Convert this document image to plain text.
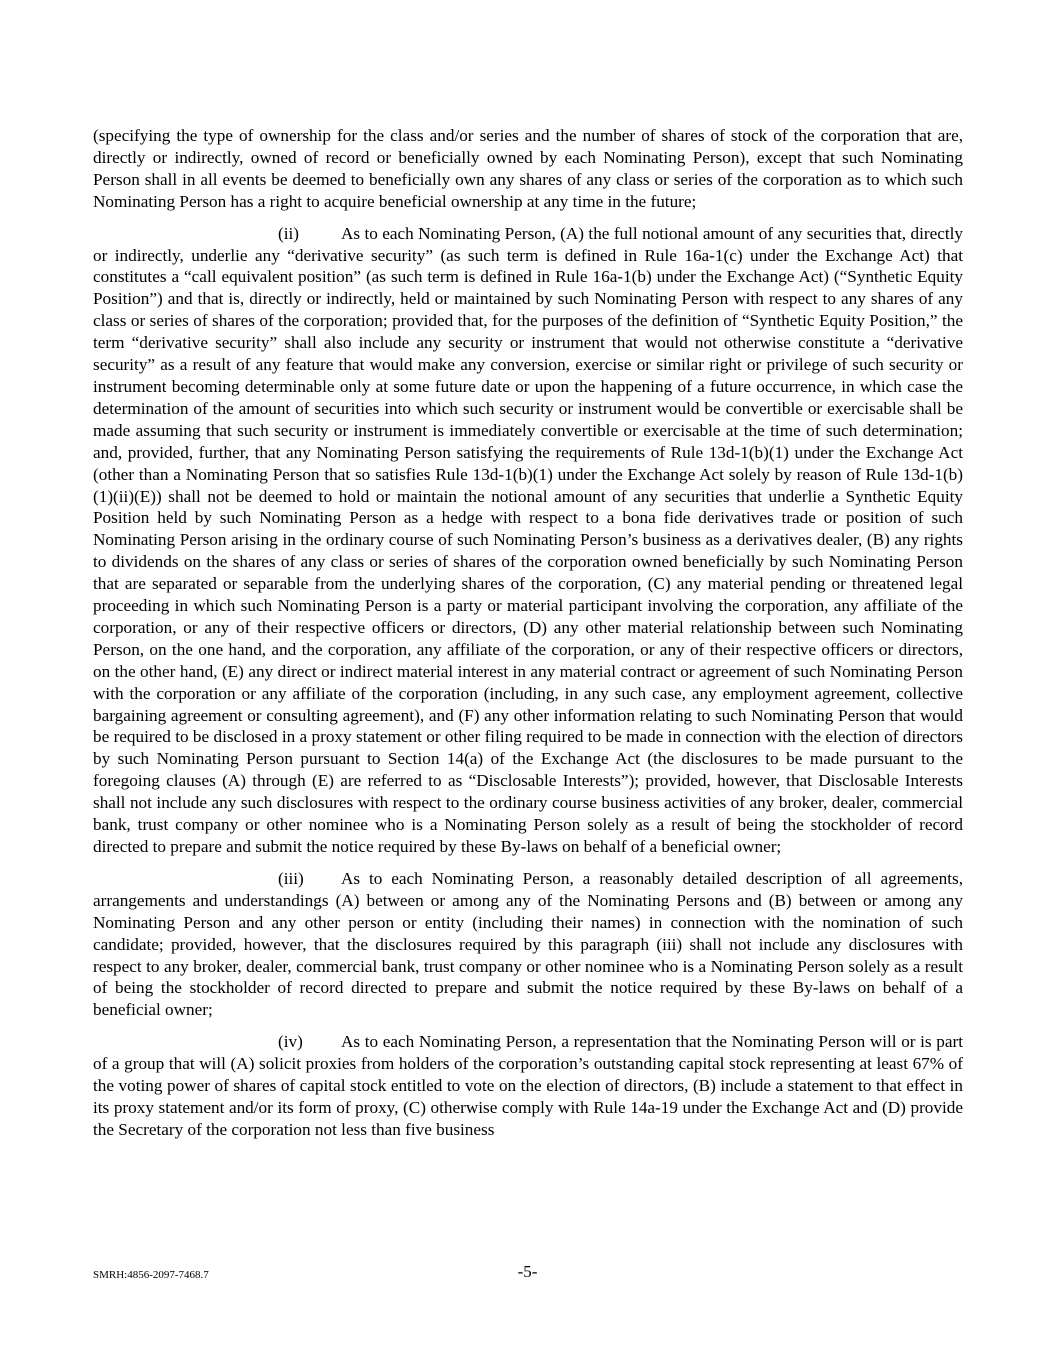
(specifying the type of ownership for the class and/or series and the number of shares of stock of the corporation that are, directly or indirectly, owned of record or beneficially owned by each Nominating Person), except that such Nominating Person shall in all events be deemed to beneficially own any shares of any class or series of the corporation as to which such Nominating Person has a right to acquire beneficial ownership at any time in the future;

(ii) As to each Nominating Person, (A) the full notional amount of any securities that, directly or indirectly, underlie any “derivative security” (as such term is defined in Rule 16a-1(c) under the Exchange Act) that constitutes a “call equivalent position” (as such term is defined in Rule 16a-1(b) under the Exchange Act) (“Synthetic Equity Position”) and that is, directly or indirectly, held or maintained by such Nominating Person with respect to any shares of any class or series of shares of the corporation; provided that, for the purposes of the definition of “Synthetic Equity Position,” the term “derivative security” shall also include any security or instrument that would not otherwise constitute a “derivative security” as a result of any feature that would make any conversion, exercise or similar right or privilege of such security or instrument becoming determinable only at some future date or upon the happening of a future occurrence, in which case the determination of the amount of securities into which such security or instrument would be convertible or exercisable shall be made assuming that such security or instrument is immediately convertible or exercisable at the time of such determination; and, provided, further, that any Nominating Person satisfying the requirements of Rule 13d-1(b)(1) under the Exchange Act (other than a Nominating Person that so satisfies Rule 13d-1(b)(1) under the Exchange Act solely by reason of Rule 13d-1(b)(1)(ii)(E)) shall not be deemed to hold or maintain the notional amount of any securities that underlie a Synthetic Equity Position held by such Nominating Person as a hedge with respect to a bona fide derivatives trade or position of such Nominating Person arising in the ordinary course of such Nominating Person’s business as a derivatives dealer, (B) any rights to dividends on the shares of any class or series of shares of the corporation owned beneficially by such Nominating Person that are separated or separable from the underlying shares of the corporation, (C) any material pending or threatened legal proceeding in which such Nominating Person is a party or material participant involving the corporation, any affiliate of the corporation, or any of their respective officers or directors, (D) any other material relationship between such Nominating Person, on the one hand, and the corporation, any affiliate of the corporation, or any of their respective officers or directors, on the other hand, (E) any direct or indirect material interest in any material contract or agreement of such Nominating Person with the corporation or any affiliate of the corporation (including, in any such case, any employment agreement, collective bargaining agreement or consulting agreement), and (F) any other information relating to such Nominating Person that would be required to be disclosed in a proxy statement or other filing required to be made in connection with the election of directors by such Nominating Person pursuant to Section 14(a) of the Exchange Act (the disclosures to be made pursuant to the foregoing clauses (A) through (E) are referred to as “Disclosable Interests”); provided, however, that Disclosable Interests shall not include any such disclosures with respect to the ordinary course business activities of any broker, dealer, commercial bank, trust company or other nominee who is a Nominating Person solely as a result of being the stockholder of record directed to prepare and submit the notice required by these By-laws on behalf of a beneficial owner;

(iii) As to each Nominating Person, a reasonably detailed description of all agreements, arrangements and understandings (A) between or among any of the Nominating Persons and (B) between or among any Nominating Person and any other person or entity (including their names) in connection with the nomination of such candidate; provided, however, that the disclosures required by this paragraph (iii) shall not include any disclosures with respect to any broker, dealer, commercial bank, trust company or other nominee who is a Nominating Person solely as a result of being the stockholder of record directed to prepare and submit the notice required by these By-laws on behalf of a beneficial owner;

(iv) As to each Nominating Person, a representation that the Nominating Person will or is part of a group that will (A) solicit proxies from holders of the corporation’s outstanding capital stock representing at least 67% of the voting power of shares of capital stock entitled to vote on the election of directors, (B) include a statement to that effect in its proxy statement and/or its form of proxy, (C) otherwise comply with Rule 14a-19 under the Exchange Act and (D) provide the Secretary of the corporation not less than five business

SMRH:4856-2097-7468.7	-5-
